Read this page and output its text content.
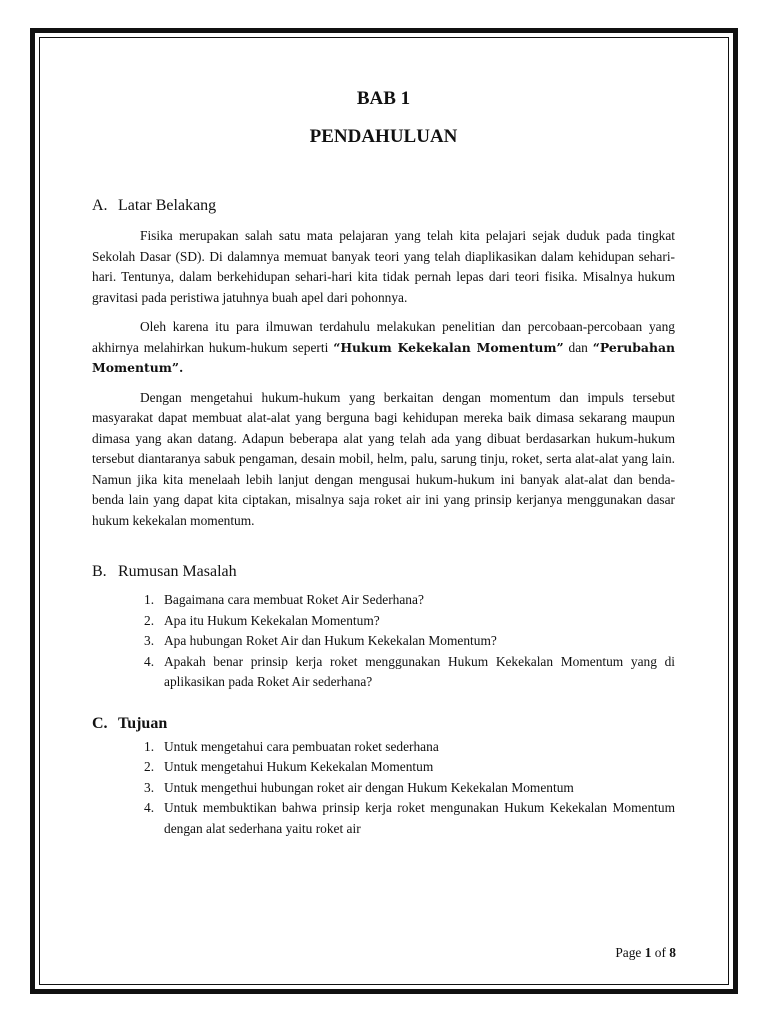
BAB 1
PENDAHULUAN
A. Latar Belakang

Fisika merupakan salah satu mata pelajaran yang telah kita pelajari sejak duduk pada tingkat Sekolah Dasar (SD). Di dalamnya memuat banyak teori yang telah diaplikasikan dalam kehidupan sehari-hari. Tentunya, dalam berkehidupan sehari-hari kita tidak pernah lepas dari teori fisika. Misalnya hukum gravitasi pada peristiwa jatuhnya buah apel dari pohonnya.

Oleh karena itu para ilmuwan terdahulu melakukan penelitian dan percobaan-percobaan yang akhirnya melahirkan hukum-hukum seperti “Hukum Kekekalan Momentum” dan “Perubahan Momentum”.

Dengan mengetahui hukum-hukum yang berkaitan dengan momentum dan impuls tersebut masyarakat dapat membuat alat-alat yang berguna bagi kehidupan mereka baik dimasa sekarang maupun dimasa yang akan datang. Adapun beberapa alat yang telah ada yang dibuat berdasarkan hukum-hukum tersebut diantaranya sabuk pengaman, desain mobil, helm, palu, sarung tinju, roket, serta alat-alat yang lain. Namun jika kita menelaah lebih lanjut dengan mengusai hukum-hukum ini banyak alat-alat dan benda-benda lain yang dapat kita ciptakan, misalnya saja roket air ini yang prinsip kerjanya menggunakan dasar hukum kekekalan momentum.

B. Rumusan Masalah
1. Bagaimana cara membuat Roket Air Sederhana?
2. Apa itu Hukum Kekekalan Momentum?
3. Apa hubungan Roket Air dan Hukum Kekekalan Momentum?
4. Apakah benar prinsip kerja roket menggunakan Hukum Kekekalan Momentum yang di aplikasikan pada Roket Air sederhana?
C. Tujuan
1. Untuk mengetahui cara pembuatan roket sederhana
2. Untuk mengetahui Hukum Kekekalan Momentum
3. Untuk mengethui hubungan roket air dengan Hukum Kekekalan Momentum
4. Untuk membuktikan bahwa prinsip kerja roket mengunakan Hukum Kekekalan Momentum dengan alat sederhana yaitu roket air
Page 1 of 8
